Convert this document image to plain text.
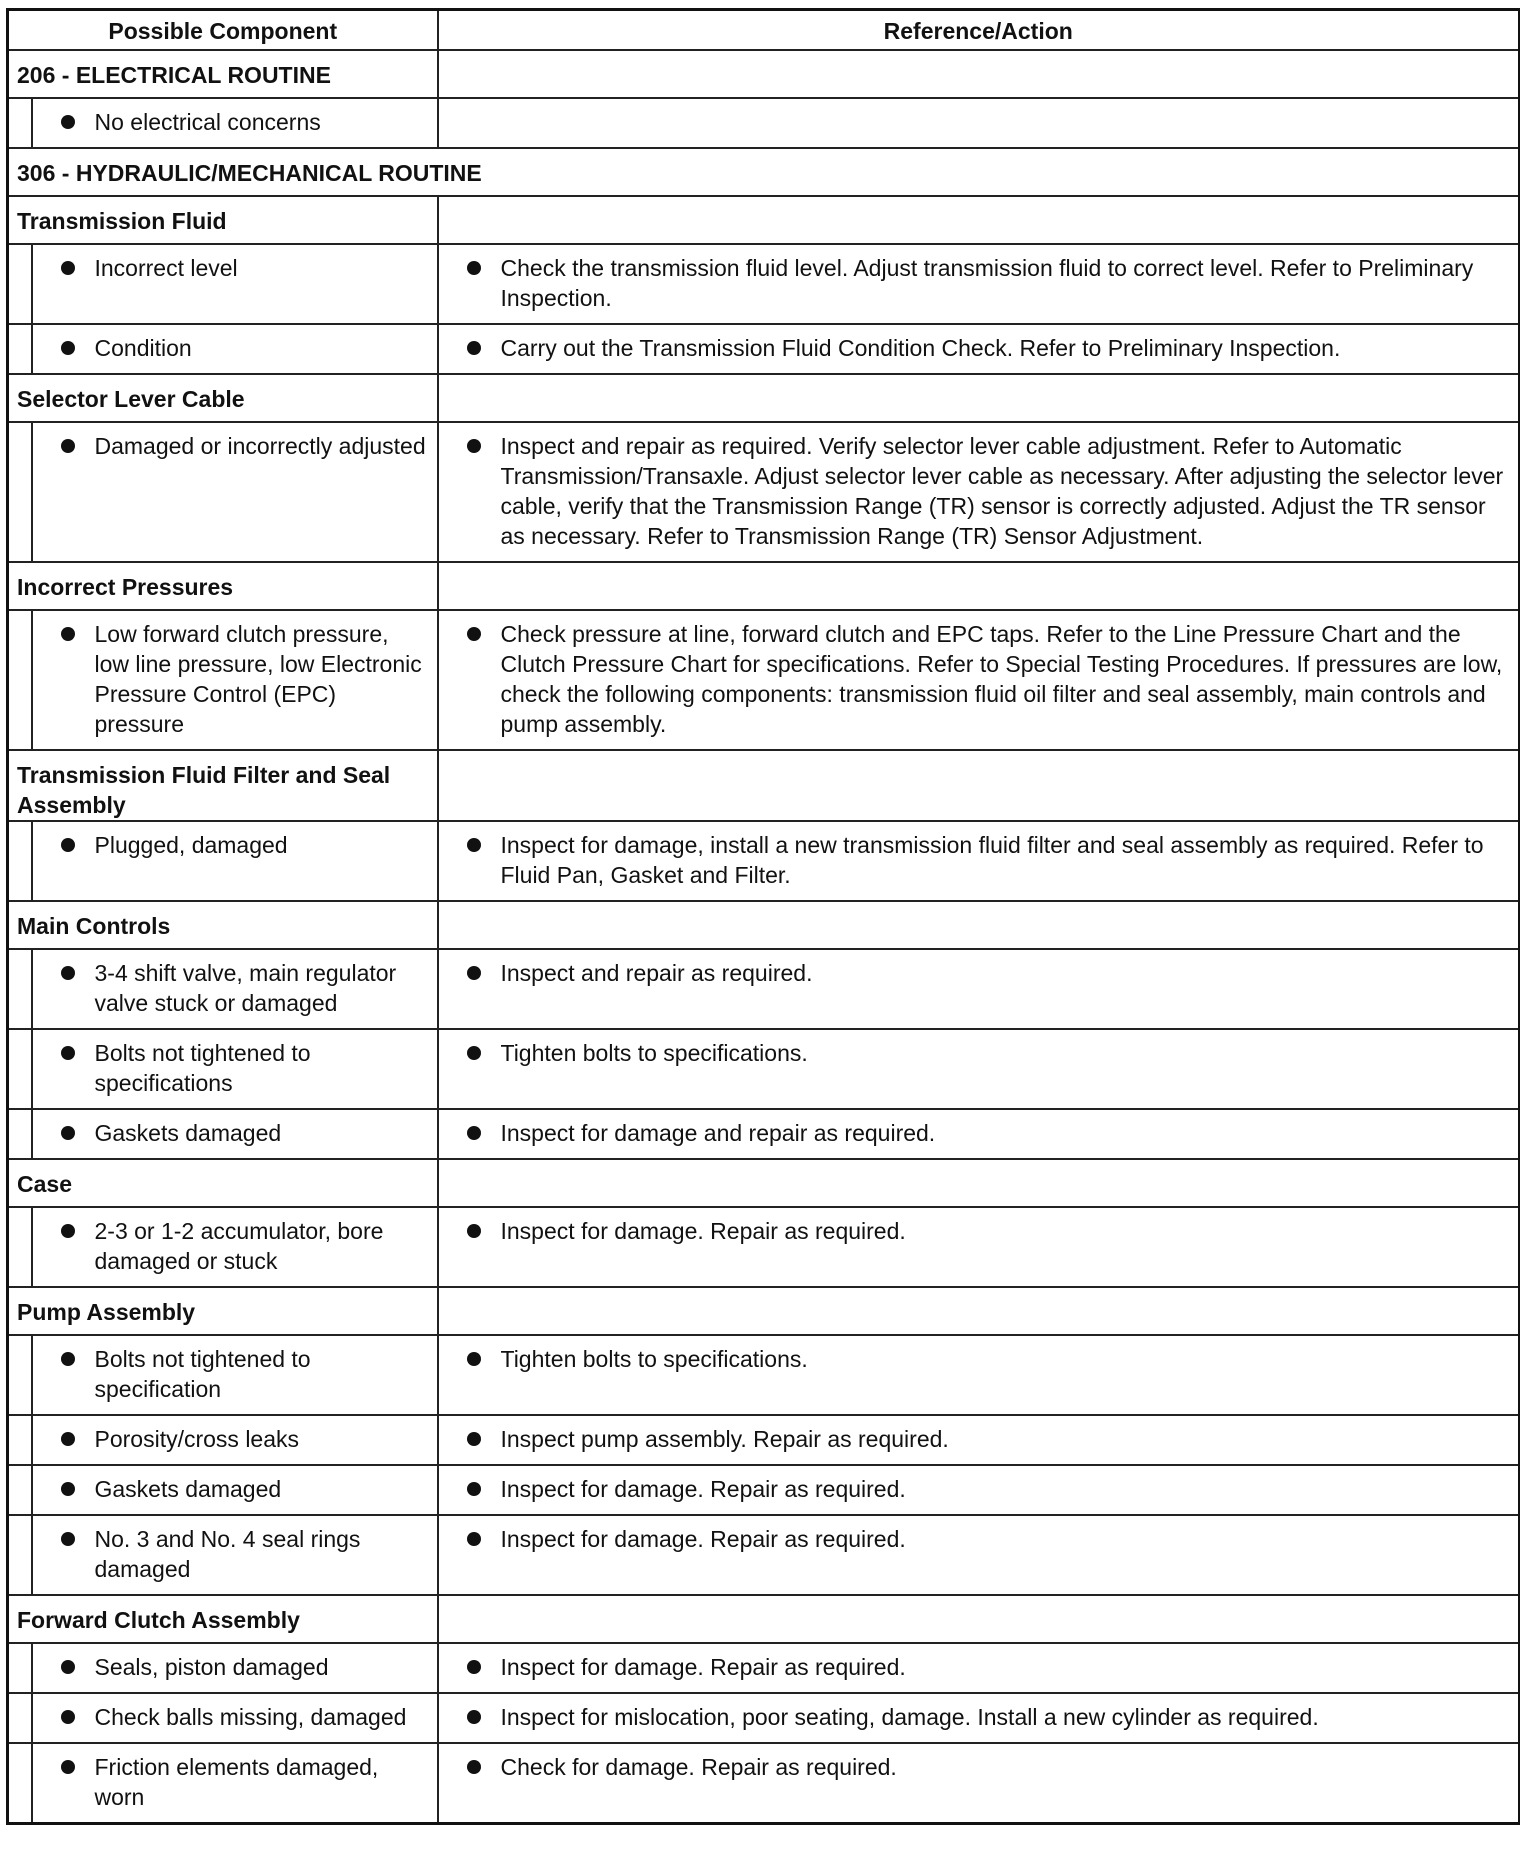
Possible Component		Reference/Action
206 - ELECTRICAL ROUTINE		

	No electrical concerns	

306 - HYDRAULIC/MECHANICAL ROUTINE		
Transmission Fluid		

	Incorrect level	Check the transmission fluid level. Adjust transmission fluid to correct level. Refer to Preliminary Inspection.

	Condition	Carry out the Transmission Fluid Condition Check. Refer to Preliminary Inspection.

Selector Lever Cable		

	Damaged or incorrectly adjusted	Inspect and repair as required. Verify selector lever cable adjustment. Refer to Automatic Transmission/Transaxle. Adjust selector lever cable as necessary. After adjusting the selector lever cable, verify that the Transmission Range (TR) sensor is correctly adjusted. Adjust the TR sensor as necessary. Refer to Transmission Range (TR) Sensor Adjustment.

Incorrect Pressures		

	Low forward clutch pressure, low line pressure, low Electronic Pressure Control (EPC) pressure	Check pressure at line, forward clutch and EPC taps. Refer to the Line Pressure Chart and the Clutch Pressure Chart for specifications. Refer to Special Testing Procedures. If pressures are low, check the following components: transmission fluid oil filter and seal assembly, main controls and pump assembly.

Transmission Fluid Filter and Seal Assembly		

	Plugged, damaged	Inspect for damage, install a new transmission fluid filter and seal assembly as required. Refer to Fluid Pan, Gasket and Filter.

Main Controls		

	3-4 shift valve, main regulator valve stuck or damaged	Inspect and repair as required.

	Bolts not tightened to specifications	Tighten bolts to specifications.

	Gaskets damaged	Inspect for damage and repair as required.

Case		

	2-3 or 1-2 accumulator, bore damaged or stuck	Inspect for damage. Repair as required.

Pump Assembly		

	Bolts not tightened to specification	Tighten bolts to specifications.

	Porosity/cross leaks	Inspect pump assembly. Repair as required.

	Gaskets damaged	Inspect for damage. Repair as required.

	No. 3 and No. 4 seal rings damaged	Inspect for damage. Repair as required.

Forward Clutch Assembly		

	Seals, piston damaged	Inspect for damage. Repair as required.

	Check balls missing, damaged	Inspect for mislocation, poor seating, damage. Install a new cylinder as required.

	Friction elements damaged, worn	Check for damage. Repair as required.
